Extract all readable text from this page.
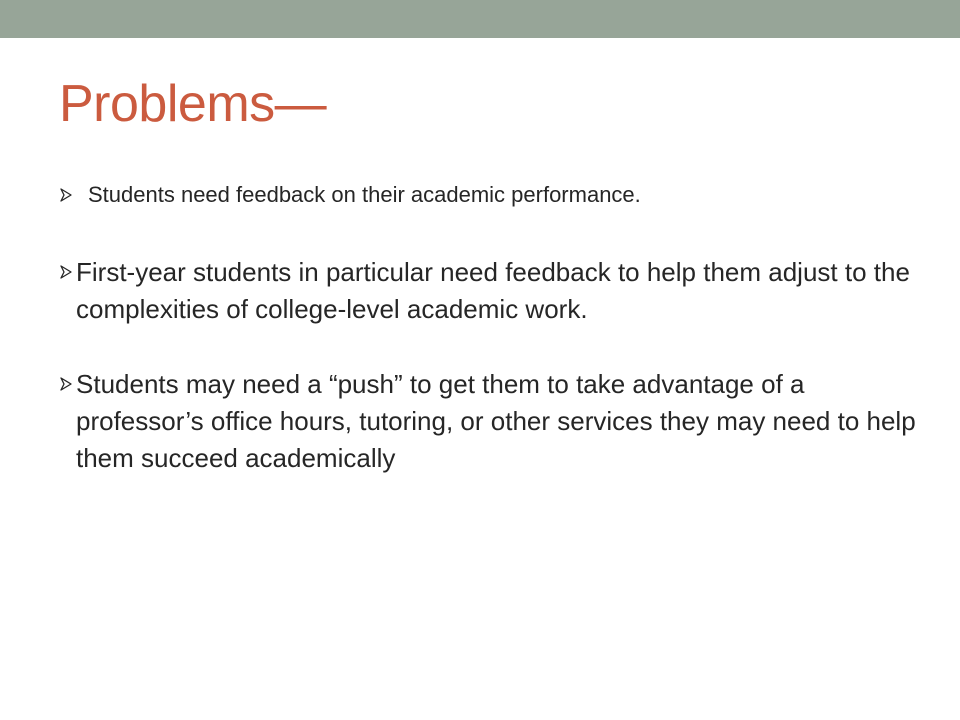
Problems—
Students need feedback on their academic performance.
First-year students in particular need feedback to help them adjust to the complexities of college-level academic work.
Students may need a “push” to get them to take advantage of a professor’s office hours, tutoring, or other services they may need to help them succeed academically
